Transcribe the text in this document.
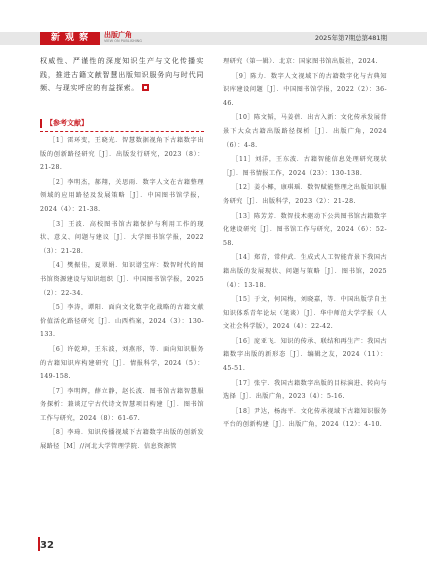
新 观 察	出版广角
VIEW ON PUBLISHING	2025年第7期总第481期

权威性、严谨性的深度知识生产与文化传播实践，推进古籍文献智慧出版知识服务向与时代同频、与现实呼应的有益探索。

【参考文献】

［1］雷环变，王晓光．智慧数据视角下古籍数字出版的创新路径研究［J］．出版发行研究，2023（8）：21-28.

［2］李明杰，郝翔，关思雨．数字人文在古籍整理领域的应用路径及发展策略［J］．中国图书馆学报，2024（4）：21-38.

［3］王波．高校图书馆古籍保护与利用工作的现状、意义、问题与建议［J］．大学图书馆学报，2022（3）：21-28.

［4］樊振佳，夏翠娟．知识谱宝库：数智时代的图书馆资源建设与知识组织［J］．中国图书馆学报，2025（2）：22-34.

［5］李涛，谭阳．面向文化数字化战略的古籍文献价值活化路径研究［J］．山西档案，2024（3）：130-133.

［6］许乾坤，王东波，刘燕形，等．面向知识服务的古籍知识库构建研究［J］．情报科学，2024（5）：149-158.

［7］李明辉，薛立静，赵长波．图书馆古籍智慧服务探析：兼谈辽宁古代诗文智慧项目构建［J］．图书馆工作与研究，2024（8）：61-67.

［8］李琦．知识传播视域下古籍数字出版的创新发展路径［M］//河北大学管理学院．信息资源管

理研究（第一辑）．北京：国家图书馆出版社，2024.

［9］陈力．数字人文视域下的古籍数字化与古典知识库建设问题［J］．中国图书馆学报，2022（2）：36-46.

［10］陈文韬，马姜蓓．出古入新：文化传承发展背景下大众古籍出版路径探析［J］．出版广角，2024（6）：4-8.

［11］刘洋，王东波．古籍智能信息处理研究现状［J］．图书情报工作，2024（23）：130-138.

［12］姜小椰，康琪瑶．数智赋能整理之出版知识服务研究［J］．出版科学，2023（2）：21-28.

［13］陈芳芳．数智技术驱动下公共图书馆古籍数字化建设研究［J］．图书馆工作与研究，2024（6）：52-58.

［14］郑青，常仲武．生成式人工智能背景下我国古籍出版的发展现状、问题与策略［J］．图书馆，2025（4）：13-18.

［15］于文，何国梅，刘晓嘉，等．中国出版学自主知识体系青年论坛（笔谈）［J］．华中师范大学学报（人文社会科学版），2024（4）：22-42.

［16］庞亚飞．知识的传承、联结和再生产：我国古籍数字出版的新形态［J］．编辑之友，2024（11）：45-51.

［17］张宁．我国古籍数字出版的目标演进、转向与选择［J］．出版广角，2023（4）：5-16.

［18］尹达，杨海平．文化传承视域下古籍知识服务平台的创新构建［J］．出版广角，2024（12）：4-10.

32
